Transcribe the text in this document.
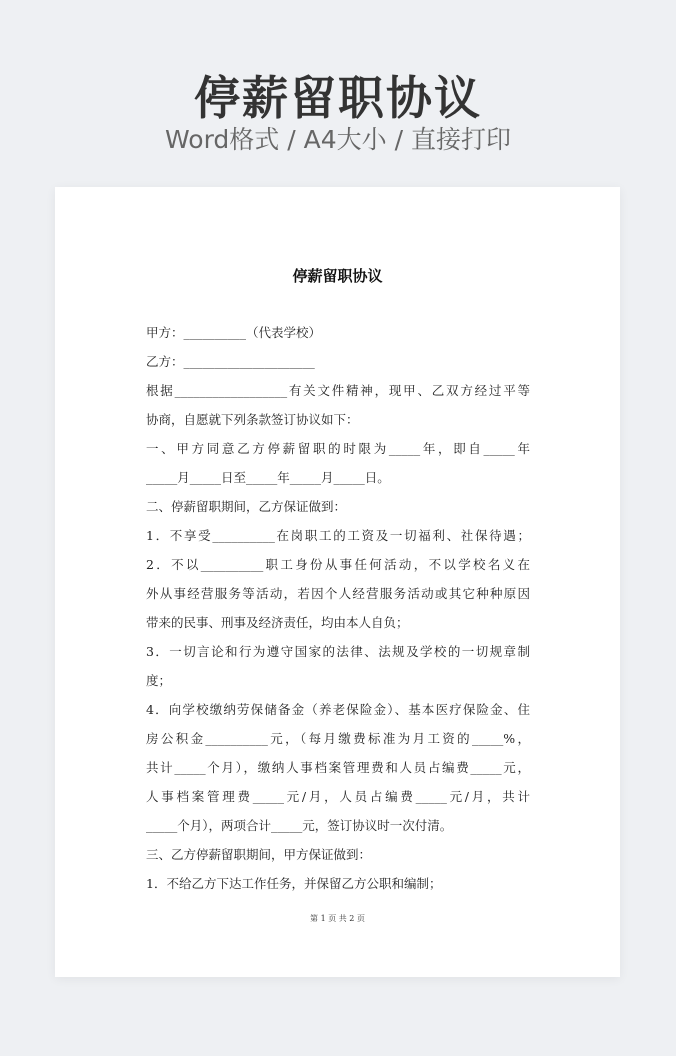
停薪留职协议
Word格式 / A4大小 / 直接打印
停薪留职协议
甲方：__________（代表学校）
乙方：_____________________
根据__________________有关文件精神，现甲、乙双方经过平等
协商，自愿就下列条款签订协议如下：
一、甲方同意乙方停薪留职的时限为_____年，即自_____年
_____月_____日至_____年_____月_____日。
二、停薪留职期间，乙方保证做到：
1．不享受__________在岗职工的工资及一切福利、社保待遇；
2．不以__________职工身份从事任何活动，不以学校名义在
外从事经营服务等活动，若因个人经营服务活动或其它种种原因
带来的民事、刑事及经济责任，均由本人自负；
3．一切言论和行为遵守国家的法律、法规及学校的一切规章制
度；
4．向学校缴纳劳保储备金（养老保险金）、基本医疗保险金、住
房公积金__________元，（每月缴费标准为月工资的_____%，
共计_____个月），缴纳人事档案管理费和人员占编费_____元，
人事档案管理费_____元/月，人员占编费_____元/月，共计
_____个月），两项合计_____元，签订协议时一次付清。
三、乙方停薪留职期间，甲方保证做到：
1．不给乙方下达工作任务，并保留乙方公职和编制；
第 1 页 共 2 页
